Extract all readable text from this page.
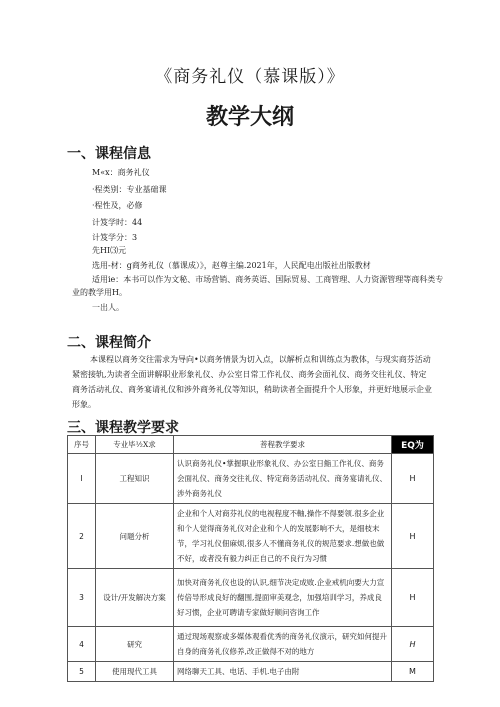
《商务礼仪（慕课版）》
教学大纲
一、课程信息
M«x：商务礼仪
·程类别：专业基础课
·程性及，必修
计笈学时：44
计笈学分：3
先HI⑶元
选用-材：g商务礼仪（慕课成）》，赵尊主编.2021年，人民配电出版社出版教材
适用ie：本书可以作为文秘、市场营销、商务英语、国际贸易、工商管理、人力资源管理等商科类专
业的教学用H。
一出人。
二、课程简介
本课程以商务交往需求为导向•以商务情景为切入点，以解析点和训练点为教体，与现实商芬活动紧密接轨,为读者全面讲解职业形象礼仪、办公室日常工作礼仪、商务会面礼仪、商务交往礼仪、特定商务活动礼仪、商务宴请礼仪和涉外商务礼仪等知识，稍助读者全面提升个人形象，并更好地展示企业形象。
三、课程教学要求
序号	专业毕½X求	菩程教学要求	EQ为
I	工程知识	认识商务礼仪•掌握职业形象礼仪、办公室日鮨工作礼仪、商务会面礼仪、商务交往礼仪、特定商务活动礼仪、商务宴请礼仪、涉外商务礼仪	H
2	问题分析	企业和个人对商芬礼仪的电视程度不軸,操作不得要领.很多企业和个人觉得商务礼仪对企业和个人的发展影响不大，是细枝末节，学习礼仪佃麻烦,很多人不懂商务礼仪的规范要求.想做也做不好，或者没有毅力纠正自己的不良行为习惯	H
3	设计/开发解决方案	加快对商务礼仪也设的认识,细节决定成败.企业戒机向要大力宣传倍导形成良好的翻围,提面审美观念，加强培训学习，养成良好习惯，企业可聘请专家做好顺问咨询工作	H
4	研究	通过现场观察或多媒体观看优秀的商务礼仪演示，研究如何提升自身的商务礼仪修养,改正做得不对的地方	H
5	使用现代工具	网络聊天工具、电话、手机.电子由附	M
